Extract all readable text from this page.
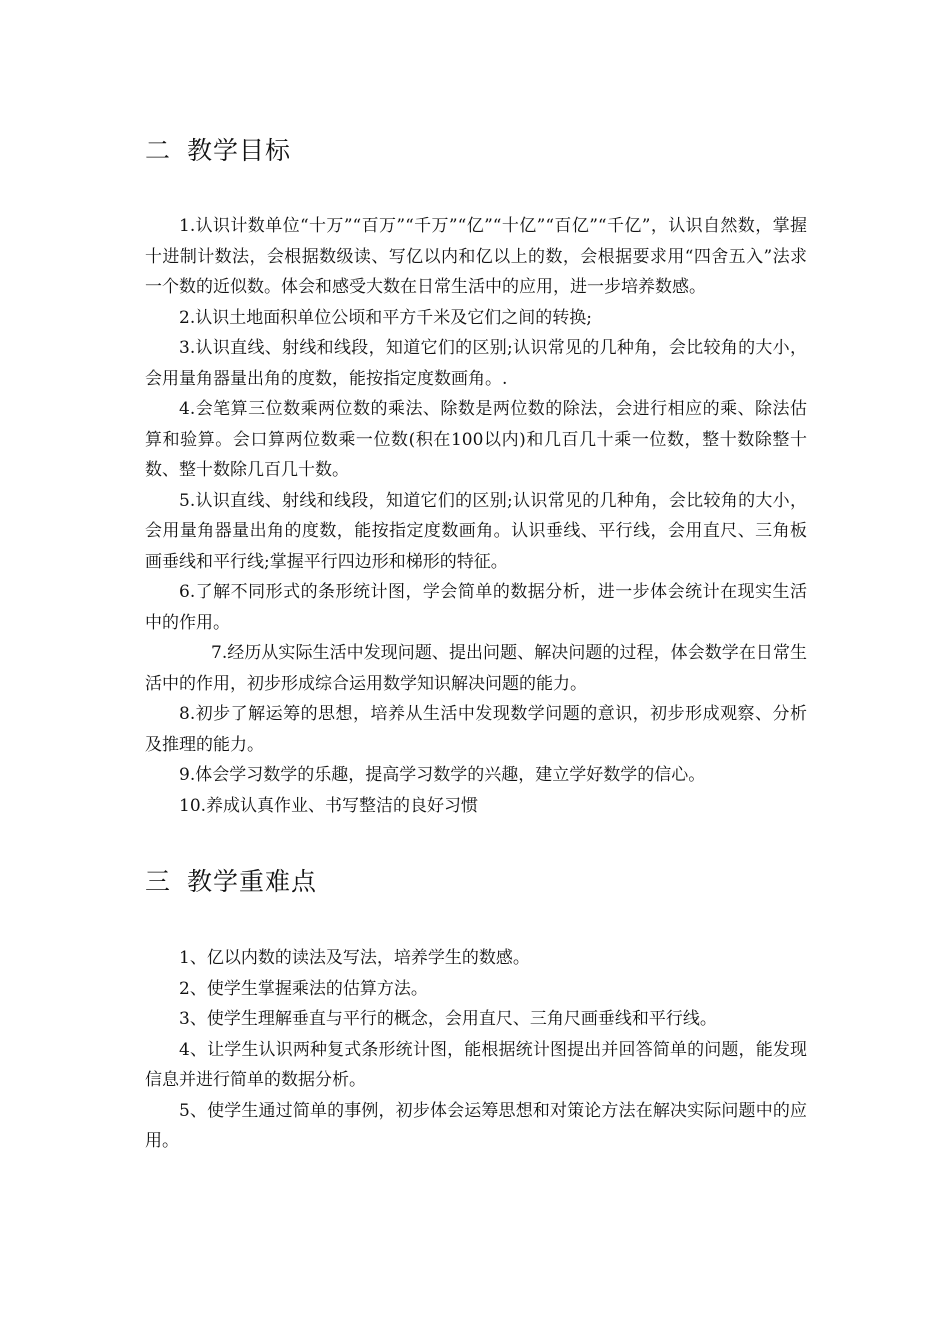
二 教学目标

1.认识计数单位“十万”“百万”“千万”“亿”“十亿”“百亿”“千亿”，认识自然数，掌握十进制计数法，会根据数级读、写亿以内和亿以上的数，会根据要求用“四舍五入”法求一个数的近似数。体会和感受大数在日常生活中的应用，进一步培养数感。

2.认识土地面积单位公顷和平方千米及它们之间的转换;

3.认识直线、射线和线段，知道它们的区别;认识常见的几种角，会比较角的大小，会用量角器量出角的度数，能按指定度数画角。.

4.会笔算三位数乘两位数的乘法、除数是两位数的除法，会进行相应的乘、除法估算和验算。会口算两位数乘一位数(积在100以内)和几百几十乘一位数，整十数除整十数、整十数除几百几十数。

5.认识直线、射线和线段，知道它们的区别;认识常见的几种角，会比较角的大小，会用量角器量出角的度数，能按指定度数画角。认识垂线、平行线，会用直尺、三角板画垂线和平行线;掌握平行四边形和梯形的特征。

6.了解不同形式的条形统计图，学会简单的数据分析，进一步体会统计在现实生活中的作用。

7.经历从实际生活中发现问题、提出问题、解决问题的过程，体会数学在日常生活中的作用，初步形成综合运用数学知识解决问题的能力。

8.初步了解运筹的思想，培养从生活中发现数学问题的意识，初步形成观察、分析及推理的能力。

9.体会学习数学的乐趣，提高学习数学的兴趣，建立学好数学的信心。

10.养成认真作业、书写整洁的良好习惯

三 教学重难点

1、亿以内数的读法及写法，培养学生的数感。

2、使学生掌握乘法的估算方法。

3、使学生理解垂直与平行的概念，会用直尺、三角尺画垂线和平行线。

4、让学生认识两种复式条形统计图，能根据统计图提出并回答简单的问题，能发现信息并进行简单的数据分析。

5、使学生通过简单的事例，初步体会运筹思想和对策论方法在解决实际问题中的应用。
